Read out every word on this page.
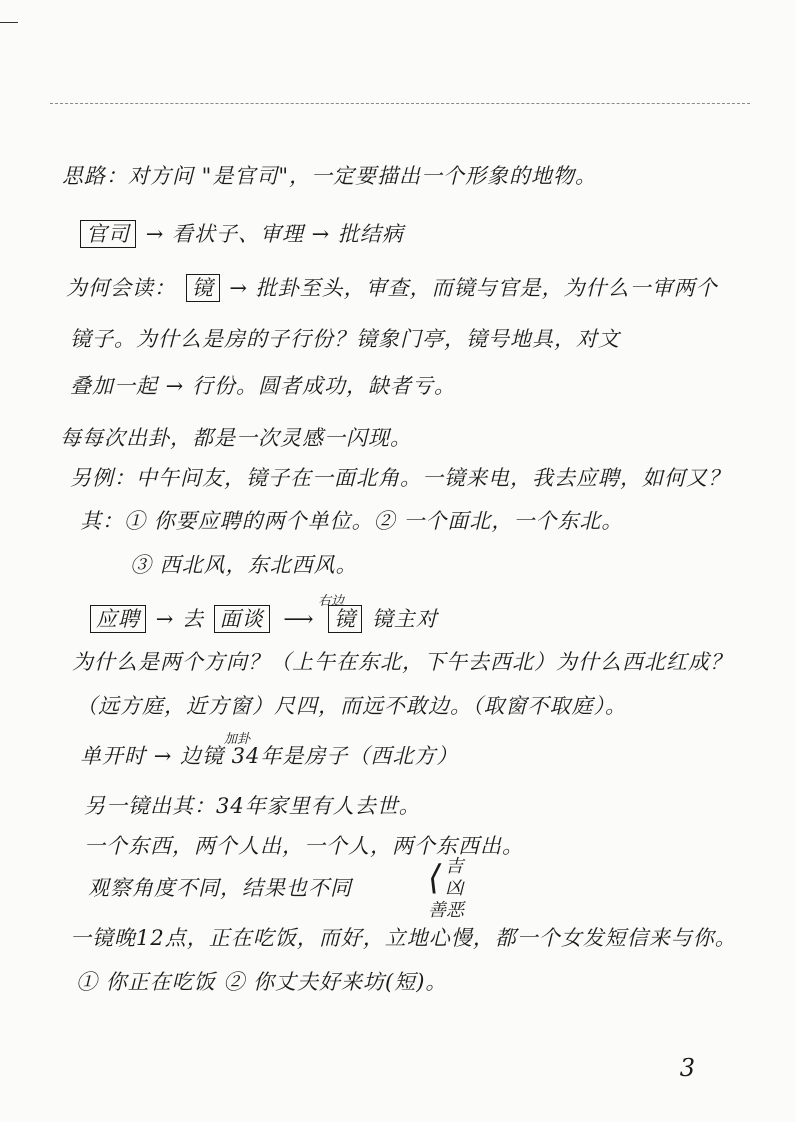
思路：对方问 "是官司"，一定要描出一个形象的地物。
官司 → 看状子、审理 → 批结病
为何会读： 镜 → 批卦至头，审查，而镜与官是，为什么一审两个
镜子。为什么是房的子行份？镜象门亭，镜号地具，对文
叠加一起 → 行份。圆者成功，缺者亏。
每每次出卦，都是一次灵感一闪现。
另例：中午问友，镜子在一面北角。一镜来电，我去应聘，如何又？
其：① 你要应聘的两个单位。② 一个面北，一个东北。
③ 西北风，东北西风。
右边
应聘 → 去 面谈 ⟶ 镜 镜主对
为什么是两个方向？（上午在东北，下午去西北）为什么西北红成？
（远方庭，近方窗）尺四，而远不敢边。（取窗不取庭）。
加卦
单开时 → 边镜 34年是房子（西北方）
另一镜出其：34年家里有人去世。
一个东西，两个人出，一个人，两个东西出。
观察角度不同，结果也不同 ⟨ 吉凶
善恶
一镜晚12点，正在吃饭，而好，立地心慢，都一个女发短信来与你。
① 你正在吃饭 ② 你丈夫好来坊(短)。
3
